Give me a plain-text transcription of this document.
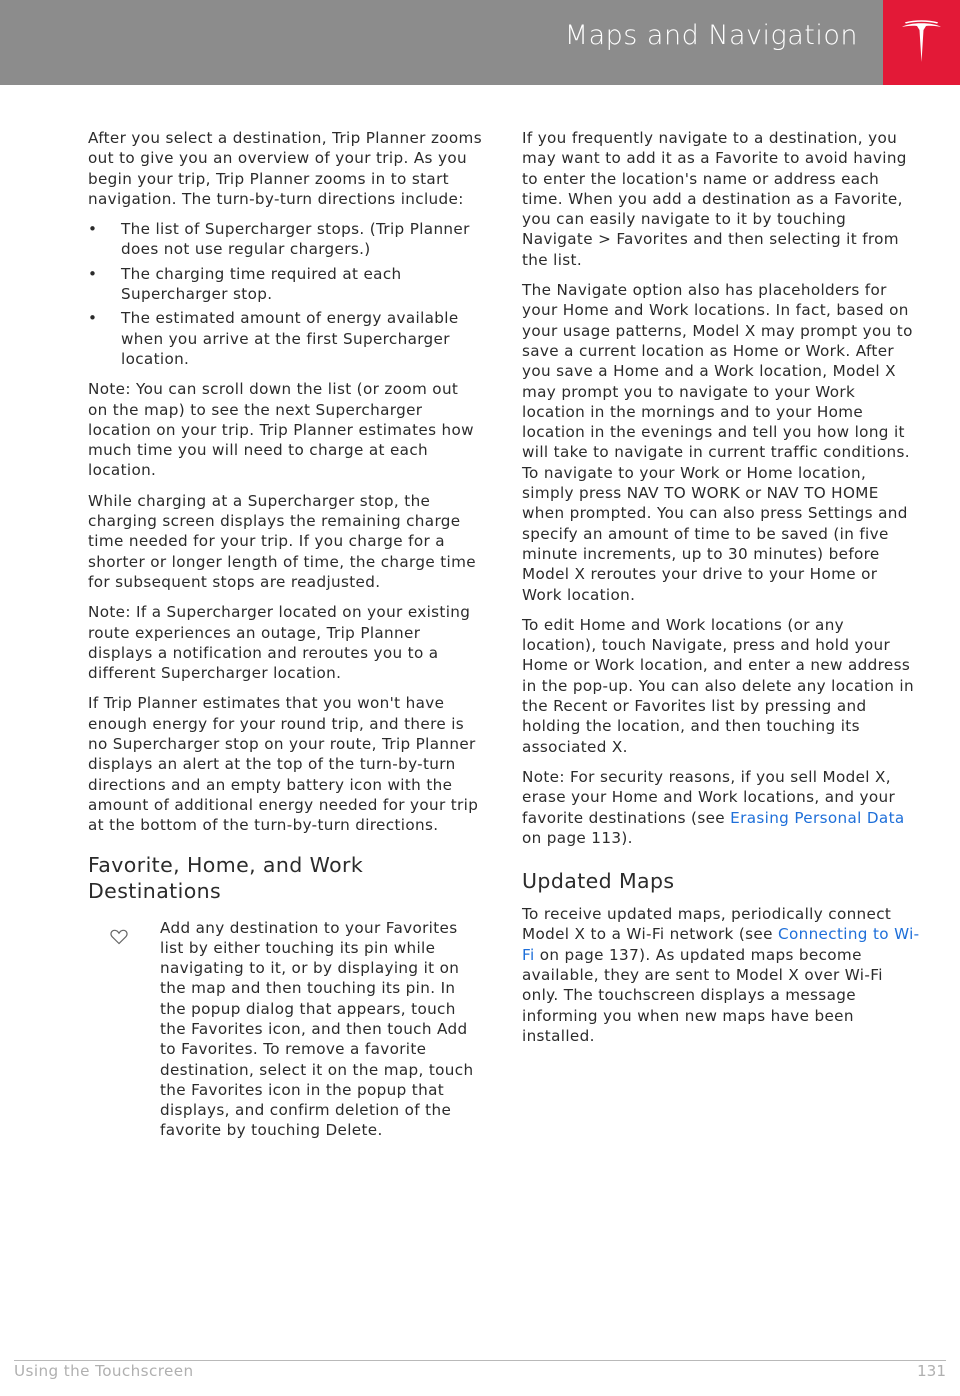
Maps and Navigation

After you select a destination, Trip Planner zooms out to give you an overview of your trip. As you begin your trip, Trip Planner zooms in to start navigation. The turn-by-turn directions include:

• The list of Supercharger stops. (Trip Planner does not use regular chargers.)
• The charging time required at each Supercharger stop.
• The estimated amount of energy available when you arrive at the first Supercharger location.

Note: You can scroll down the list (or zoom out on the map) to see the next Supercharger location on your trip. Trip Planner estimates how much time you will need to charge at each location.

While charging at a Supercharger stop, the charging screen displays the remaining charge time needed for your trip. If you charge for a shorter or longer length of time, the charge time for subsequent stops are readjusted.

Note: If a Supercharger located on your existing route experiences an outage, Trip Planner displays a notification and reroutes you to a different Supercharger location.

If Trip Planner estimates that you won't have enough energy for your round trip, and there is no Supercharger stop on your route, Trip Planner displays an alert at the top of the turn-by-turn directions and an empty battery icon with the amount of additional energy needed for your trip at the bottom of the turn-by-turn directions.

Favorite, Home, and Work Destinations
Add any destination to your Favorites list by either touching its pin while navigating to it, or by displaying it on the map and then touching its pin. In the popup dialog that appears, touch the Favorites icon, and then touch Add to Favorites. To remove a favorite destination, select it on the map, touch the Favorites icon in the popup that displays, and confirm deletion of the favorite by touching Delete.

If you frequently navigate to a destination, you may want to add it as a Favorite to avoid having to enter the location's name or address each time. When you add a destination as a Favorite, you can easily navigate to it by touching Navigate > Favorites and then selecting it from the list.

The Navigate option also has placeholders for your Home and Work locations. In fact, based on your usage patterns, Model X may prompt you to save a current location as Home or Work. After you save a Home and a Work location, Model X may prompt you to navigate to your Work location in the mornings and to your Home location in the evenings and tell you how long it will take to navigate in current traffic conditions. To navigate to your Work or Home location, simply press NAV TO WORK or NAV TO HOME when prompted. You can also press Settings and specify an amount of time to be saved (in five minute increments, up to 30 minutes) before Model X reroutes your drive to your Home or Work location.

To edit Home and Work locations (or any location), touch Navigate, press and hold your Home or Work location, and enter a new address in the pop-up. You can also delete any location in the Recent or Favorites list by pressing and holding the location, and then touching its associated X.

Note: For security reasons, if you sell Model X, erase your Home and Work locations, and your favorite destinations (see Erasing Personal Data on page 113).

Updated Maps

To receive updated maps, periodically connect Model X to a Wi-Fi network (see Connecting to Wi-Fi on page 137). As updated maps become available, they are sent to Model X over Wi-Fi only. The touchscreen displays a message informing you when new maps have been installed.

Using the Touchscreen	131
